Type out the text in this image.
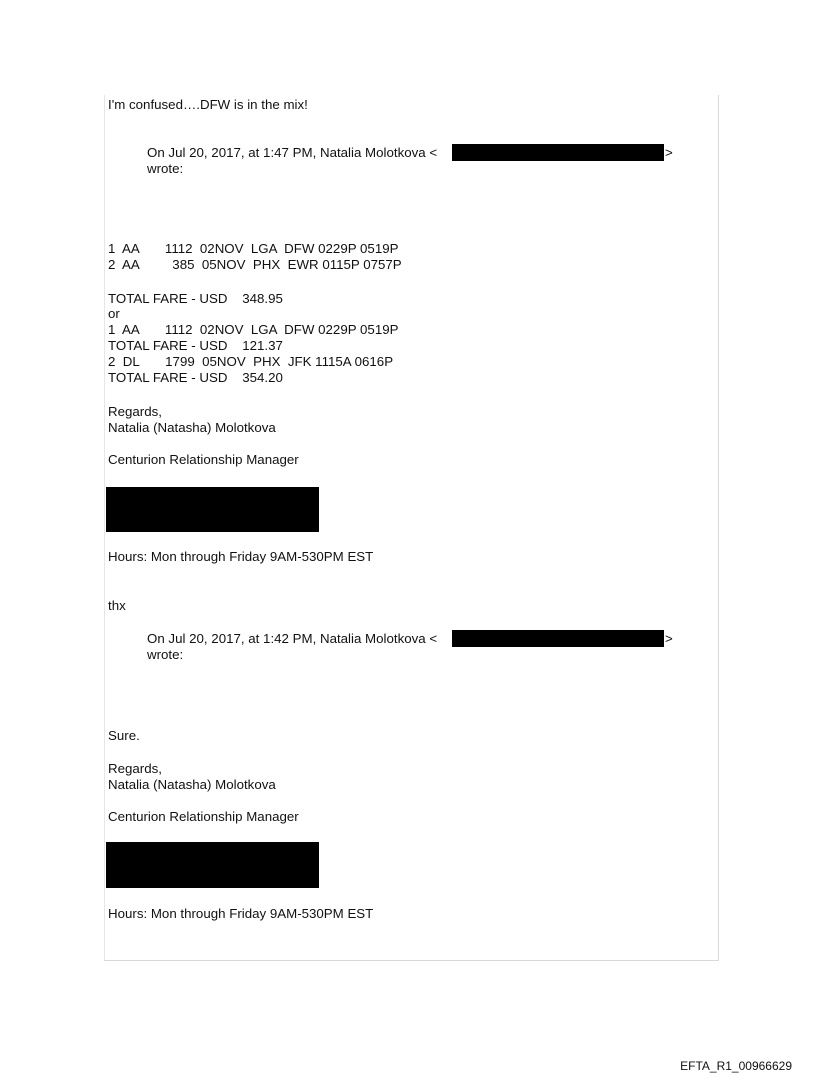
I'm confused….DFW is in the mix!
On Jul 20, 2017, at 1:47 PM, Natalia Molotkova <	>
wrote:
1  AA       1112  02NOV  LGA  DFW 0229P 0519P
2  AA         385  05NOV  PHX  EWR 0115P 0757P
TOTAL FARE - USD    348.95
or
1  AA       1112  02NOV  LGA  DFW 0229P 0519P
TOTAL FARE - USD    121.37
2  DL       1799  05NOV  PHX  JFK 1115A 0616P
TOTAL FARE - USD    354.20
Regards,
Natalia (Natasha) Molotkova
Centurion Relationship Manager
Hours: Mon through Friday 9AM-530PM EST
thx
On Jul 20, 2017, at 1:42 PM, Natalia Molotkova <	>
wrote:
Sure.
Regards,
Natalia (Natasha) Molotkova
Centurion Relationship Manager
Hours: Mon through Friday 9AM-530PM EST
EFTA_R1_00966629
